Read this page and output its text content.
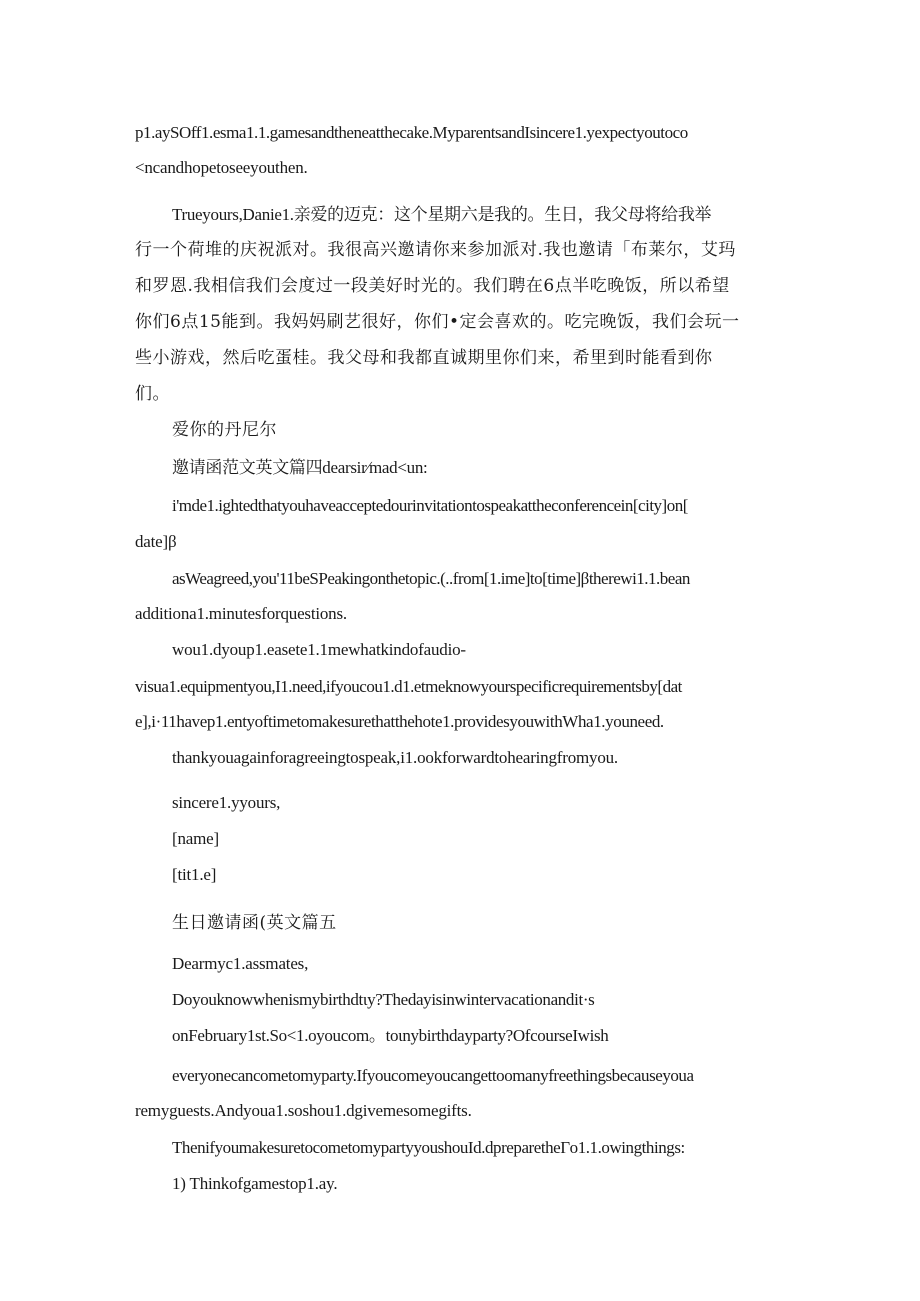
p1.aySOff1.esma1.1.gamesandtheneatthecake.MyparentsandIsincere1.yexpectyoutoco
<ncandhopetoseeyouthen.
Trueyours,Danie1.亲爱的迈克：这个星期六是我的。生日，我父母将给我举
行一个荷堆的庆祝派对。我很高兴邀请你来参加派对.我也邀请「布莱尔，艾玛
和罗恩.我相信我们会度过一段美好时光的。我们聘在6点半吃晚饭，所以希望
你们6点15能到。我妈妈刷艺很好，你们•定会喜欢的。吃完晚饭，我们会玩一
些小游戏，然后吃蛋桂。我父母和我都直诚期里你们来，希里到时能看到你
们。
爱你的丹尼尔
邀请函范文英文篇四dearsir∕mad<un:
i'mde1.ightedthatyouhaveacceptedourinvitationtospeakattheconferencein[city]on[
date]β
asWeagreed,you'11beSPeakingonthetopic.(..from[1.ime]to[time]βtherewi1.1.bean
additiona1.minutesforquestions.
wou1.dyoup1.easete1.1mewhatkindofaudio-
visua1.equipmentyou,I1.need,ifyoucou1.d1.etmeknowyourspecificrequirementsby[dat
e],i·11havep1.entyoftimetomakesurethatthehote1.providesyouwithWha1.youneed.
thankyouagainforagreeingtospeak,i1.ookforwardtohearingfromyou.
sincere1.yyours,
[name]
[tit1.e]
生日邀请函(英文篇五
Dearmyc1.assmates,
Doyouknowwhenismybirthdtιy?Thedayisinwintervacationandit·s
onFebruary1st.So<1.oyoucom。toιnybirthdayparty?OfcourseIwish
everyonecancometomyparty.Ifyoucomeyoucangettoomanyfreethingsbecauseyoua
remyguests.Andyoua1.soshou1.dgivemesomegifts.
ThenifyoumakesuretocometomypartyyoushouId.dpreparetheΓo1.1.owingthings:
1) Thinkofgamestop1.ay.
